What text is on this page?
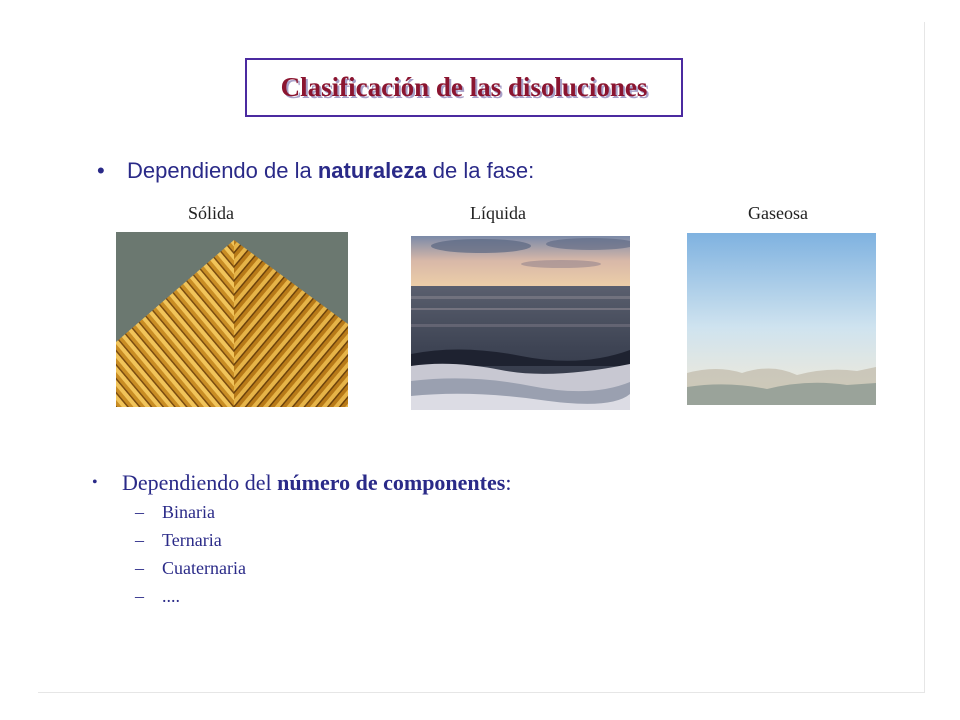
Clasificación de las disoluciones
• Dependiendo de la naturaleza de la fase:
Sólida	Líquida	Gaseosa
• Dependiendo del número de componentes:
– Binaria
– Ternaria
– Cuaternaria
– ....
